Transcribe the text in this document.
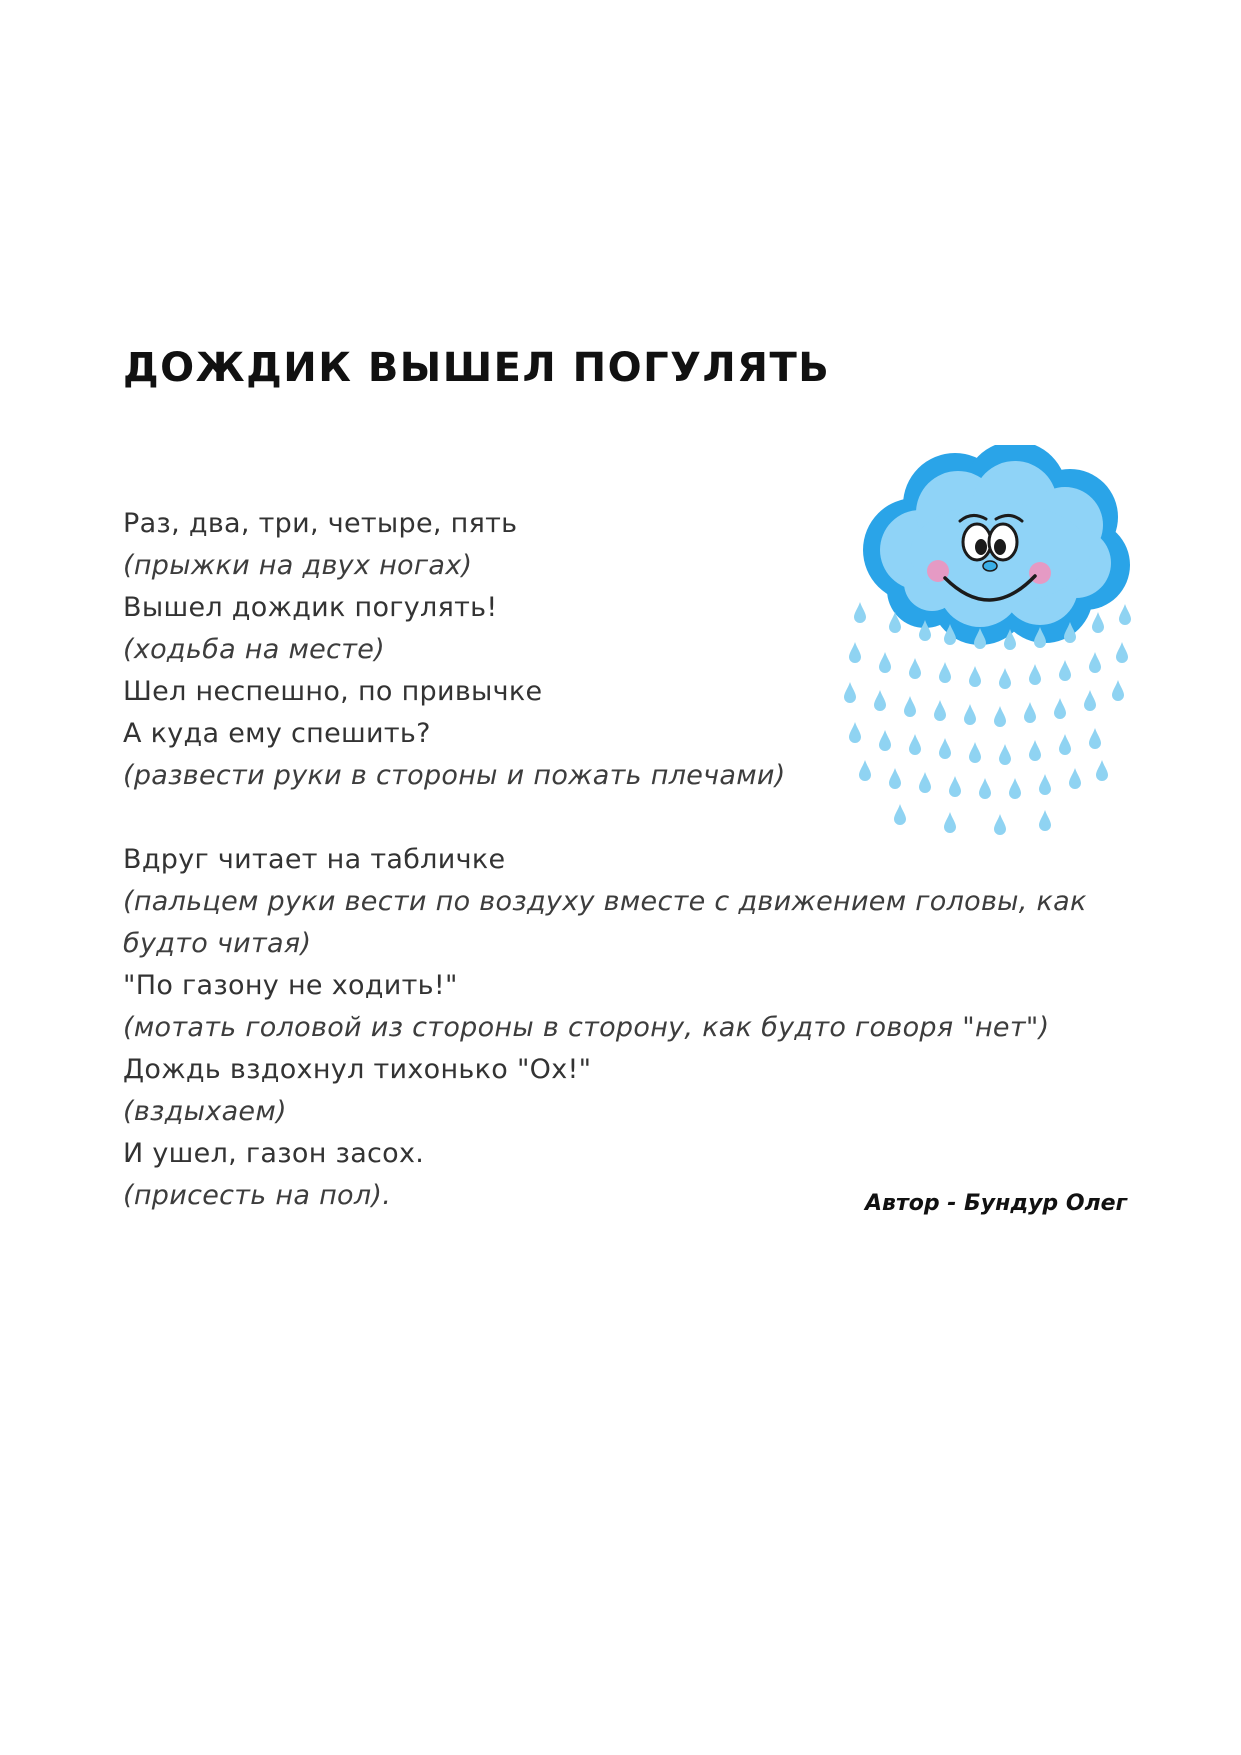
ДОЖДИК ВЫШЕЛ ПОГУЛЯТЬ
Раз, два, три, четыре, пять
(прыжки на двух ногах)
Вышел дождик погулять!
(ходьба на месте)
Шел неспешно, по привычке
А куда ему спешить?
(развести руки в стороны и пожать плечами)
Вдруг читает на табличке
(пальцем руки вести по воздуху вместе с движением головы, как
будто читая)
"По газону не ходить!"
(мотать головой из стороны в сторону, как будто говоря "нет")
Дождь вздохнул тихонько "Ох!"
(вздыхаем)
И ушел, газон засох.
(присесть на пол).	Автор - Бундур Олег
